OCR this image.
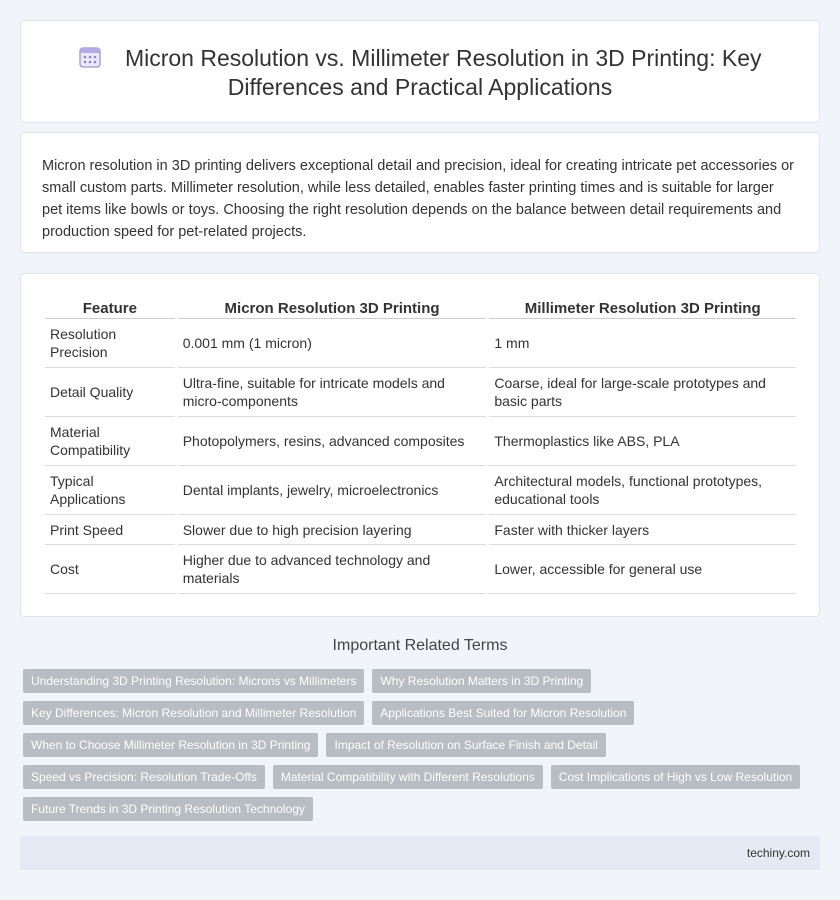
Micron Resolution vs. Millimeter Resolution in 3D Printing: Key Differences and Practical Applications

Micron resolution in 3D printing delivers exceptional detail and precision, ideal for creating intricate pet accessories or small custom parts. Millimeter resolution, while less detailed, enables faster printing times and is suitable for larger pet items like bowls or toys. Choosing the right resolution depends on the balance between detail requirements and production speed for pet-related projects.

Feature	Micron Resolution 3D Printing	Millimeter Resolution 3D Printing
Resolution Precision	0.001 mm (1 micron)	1 mm
Detail Quality	Ultra-fine, suitable for intricate models and micro-components	Coarse, ideal for large-scale prototypes and basic parts
Material Compatibility	Photopolymers, resins, advanced composites	Thermoplastics like ABS, PLA
Typical Applications	Dental implants, jewelry, microelectronics	Architectural models, functional prototypes, educational tools
Print Speed	Slower due to high precision layering	Faster with thicker layers
Cost	Higher due to advanced technology and materials	Lower, accessible for general use
Important Related Terms
Understanding 3D Printing Resolution: Microns vs Millimeters	Why Resolution Matters in 3D Printing
Key Differences: Micron Resolution and Millimeter Resolution	Applications Best Suited for Micron Resolution
When to Choose Millimeter Resolution in 3D Printing	Impact of Resolution on Surface Finish and Detail
Speed vs Precision: Resolution Trade-Offs	Material Compatibility with Different Resolutions	Cost Implications of High vs Low Resolution
Future Trends in 3D Printing Resolution Technology
techiny.com
